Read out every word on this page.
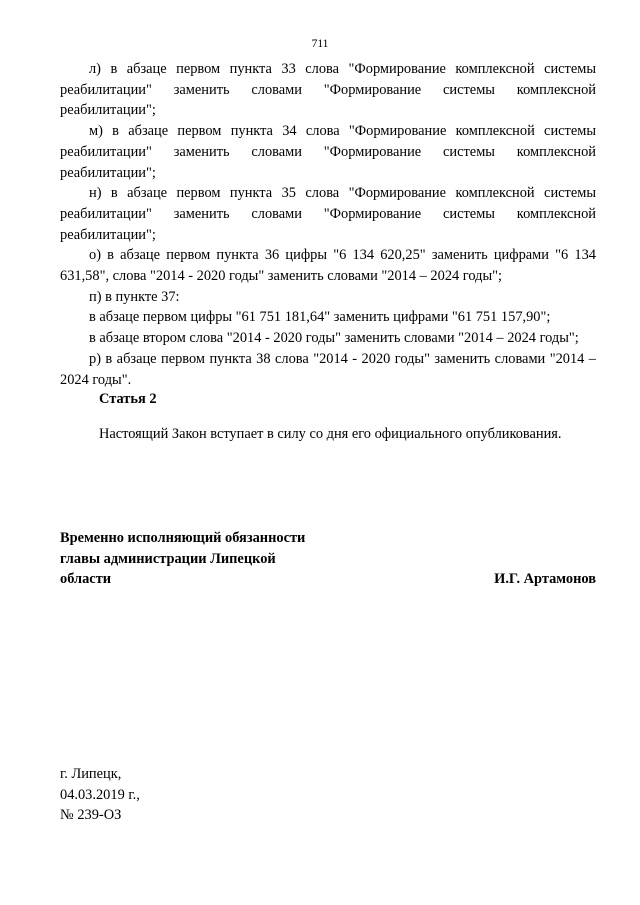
711

л) в абзаце первом пункта 33 слова "Формирование комплексной системы реабилитации" заменить словами "Формирование системы комплексной реабилитации";

м) в абзаце первом пункта 34 слова "Формирование комплексной системы реабилитации" заменить словами "Формирование системы комплексной реабилитации";

н) в абзаце первом пункта 35 слова "Формирование комплексной системы реабилитации" заменить словами "Формирование системы комплексной реабилитации";

о) в абзаце первом пункта 36 цифры "6 134 620,25" заменить цифрами "6 134 631,58", слова "2014 - 2020 годы" заменить словами "2014 – 2024 годы";

п) в пункте 37:

в абзаце первом цифры "61 751 181,64" заменить цифрами "61 751 157,90";

в абзаце втором слова "2014 - 2020 годы" заменить словами "2014 – 2024 годы";

р) в абзаце первом пункта 38 слова "2014 - 2020 годы" заменить словами "2014 – 2024 годы".

Статья 2

Настоящий Закон вступает в силу со дня его официального опубликования.

Временно исполняющий обязанности

главы администрации Липецкой

области	И.Г. Артамонов

г. Липецк,

04.03.2019 г.,

№ 239-ОЗ
